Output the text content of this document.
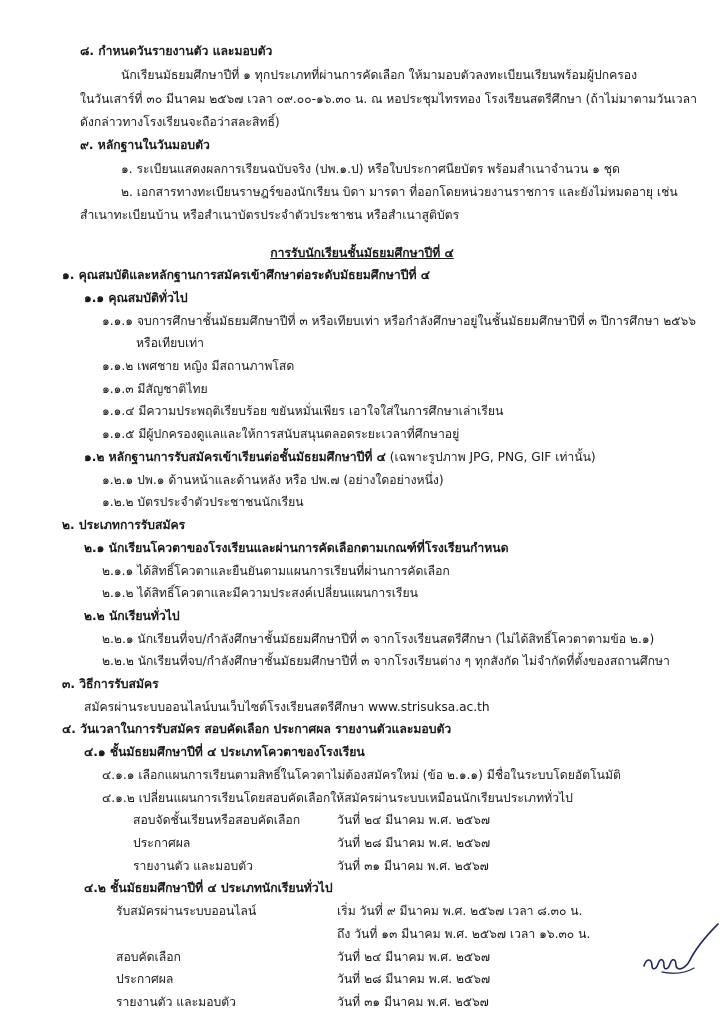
๘. กำหนดวันรายงานตัว และมอบตัว
นักเรียนมัธยมศึกษาปีที่ ๑ ทุกประเภทที่ผ่านการคัดเลือก ให้มามอบตัวลงทะเบียนเรียนพร้อมผู้ปกครอง
ในวันเสาร์ที่ ๓๐ มีนาคม ๒๕๖๗ เวลา ๐๙.๐๐-๑๖.๓๐ น. ณ หอประชุมไทรทอง โรงเรียนสตรีศึกษา (ถ้าไม่มาตามวันเวลา
ดังกล่าวทางโรงเรียนจะถือว่าสละสิทธิ์)
๙. หลักฐานในวันมอบตัว
๑. ระเบียนแสดงผลการเรียนฉบับจริง (ปพ.๑.ป) หรือใบประกาศนียบัตร พร้อมสำเนาจำนวน ๑ ชุด
๒. เอกสารทางทะเบียนราษฎร์ของนักเรียน บิดา มารดา ที่ออกโดยหน่วยงานราชการ และยังไม่หมดอายุ เช่น
สำเนาทะเบียนบ้าน หรือสำเนาบัตรประจำตัวประชาชน หรือสำเนาสูติบัตร
การรับนักเรียนชั้นมัธยมศึกษาปีที่ ๔
๑. คุณสมบัติและหลักฐานการสมัครเข้าศึกษาต่อระดับมัธยมศึกษาปีที่ ๔
๑.๑ คุณสมบัติทั่วไป
๑.๑.๑ จบการศึกษาชั้นมัธยมศึกษาปีที่ ๓ หรือเทียบเท่า หรือกำลังศึกษาอยู่ในชั้นมัธยมศึกษาปีที่ ๓ ปีการศึกษา ๒๕๖๖
หรือเทียบเท่า
๑.๑.๒ เพศชาย หญิง มีสถานภาพโสด
๑.๑.๓ มีสัญชาติไทย
๑.๑.๔ มีความประพฤติเรียบร้อย ขยันหมั่นเพียร เอาใจใส่ในการศึกษาเล่าเรียน
๑.๑.๕ มีผู้ปกครองดูแลและให้การสนับสนุนตลอดระยะเวลาที่ศึกษาอยู่
๑.๒ หลักฐานการรับสมัครเข้าเรียนต่อชั้นมัธยมศึกษาปีที่ ๔ (เฉพาะรูปภาพ JPG, PNG, GIF เท่านั้น)
๑.๒.๑ ปพ.๑ ด้านหน้าและด้านหลัง หรือ ปพ.๗ (อย่างใดอย่างหนึ่ง)
๑.๒.๒ บัตรประจำตัวประชาชนนักเรียน
๒. ประเภทการรับสมัคร
๒.๑ นักเรียนโควตาของโรงเรียนและผ่านการคัดเลือกตามเกณฑ์ที่โรงเรียนกำหนด
๒.๑.๑ ได้สิทธิ์โควตาและยืนยันตามแผนการเรียนที่ผ่านการคัดเลือก
๒.๑.๒ ได้สิทธิ์โควตาและมีความประสงค์เปลี่ยนแผนการเรียน
๒.๒ นักเรียนทั่วไป
๒.๒.๑ นักเรียนที่จบ/กำลังศึกษาชั้นมัธยมศึกษาปีที่ ๓ จากโรงเรียนสตรีศึกษา (ไม่ได้สิทธิ์โควตาตามข้อ ๒.๑)
๒.๒.๒ นักเรียนที่จบ/กำลังศึกษาชั้นมัธยมศึกษาปีที่ ๓ จากโรงเรียนต่าง ๆ ทุกสังกัด ไม่จำกัดที่ตั้งของสถานศึกษา
๓. วิธีการรับสมัคร
สมัครผ่านระบบออนไลน์บนเว็บไซต์โรงเรียนสตรีศึกษา www.strisuksa.ac.th
๔. วันเวลาในการรับสมัคร สอบคัดเลือก ประกาศผล รายงานตัวและมอบตัว
๔.๑ ชั้นมัธยมศึกษาปีที่ ๔ ประเภทโควตาของโรงเรียน
๔.๑.๑ เลือกแผนการเรียนตามสิทธิ์ในโควตาไม่ต้องสมัครใหม่ (ข้อ ๒.๑.๑) มีชื่อในระบบโดยอัตโนมัติ
๔.๑.๒ เปลี่ยนแผนการเรียนโดยสอบคัดเลือกให้สมัครผ่านระบบเหมือนนักเรียนประเภททั่วไป
สอบจัดชั้นเรียนหรือสอบคัดเลือก	วันที่ ๒๔ มีนาคม พ.ศ. ๒๕๖๗
ประกาศผล	วันที่ ๒๘ มีนาคม พ.ศ. ๒๕๖๗
รายงานตัว และมอบตัว	วันที่ ๓๑ มีนาคม พ.ศ. ๒๕๖๗
๔.๒ ชั้นมัธยมศึกษาปีที่ ๔ ประเภทนักเรียนทั่วไป
รับสมัครผ่านระบบออนไลน์	เริ่ม วันที่ ๙ มีนาคม พ.ศ. ๒๕๖๗ เวลา ๘.๓๐ น.
ถึง วันที่ ๑๓ มีนาคม พ.ศ. ๒๕๖๗ เวลา ๑๖.๓๐ น.
สอบคัดเลือก	วันที่ ๒๔ มีนาคม พ.ศ. ๒๕๖๗
ประกาศผล	วันที่ ๒๘ มีนาคม พ.ศ. ๒๕๖๗
รายงานตัว และมอบตัว	วันที่ ๓๑ มีนาคม พ.ศ. ๒๕๖๗
